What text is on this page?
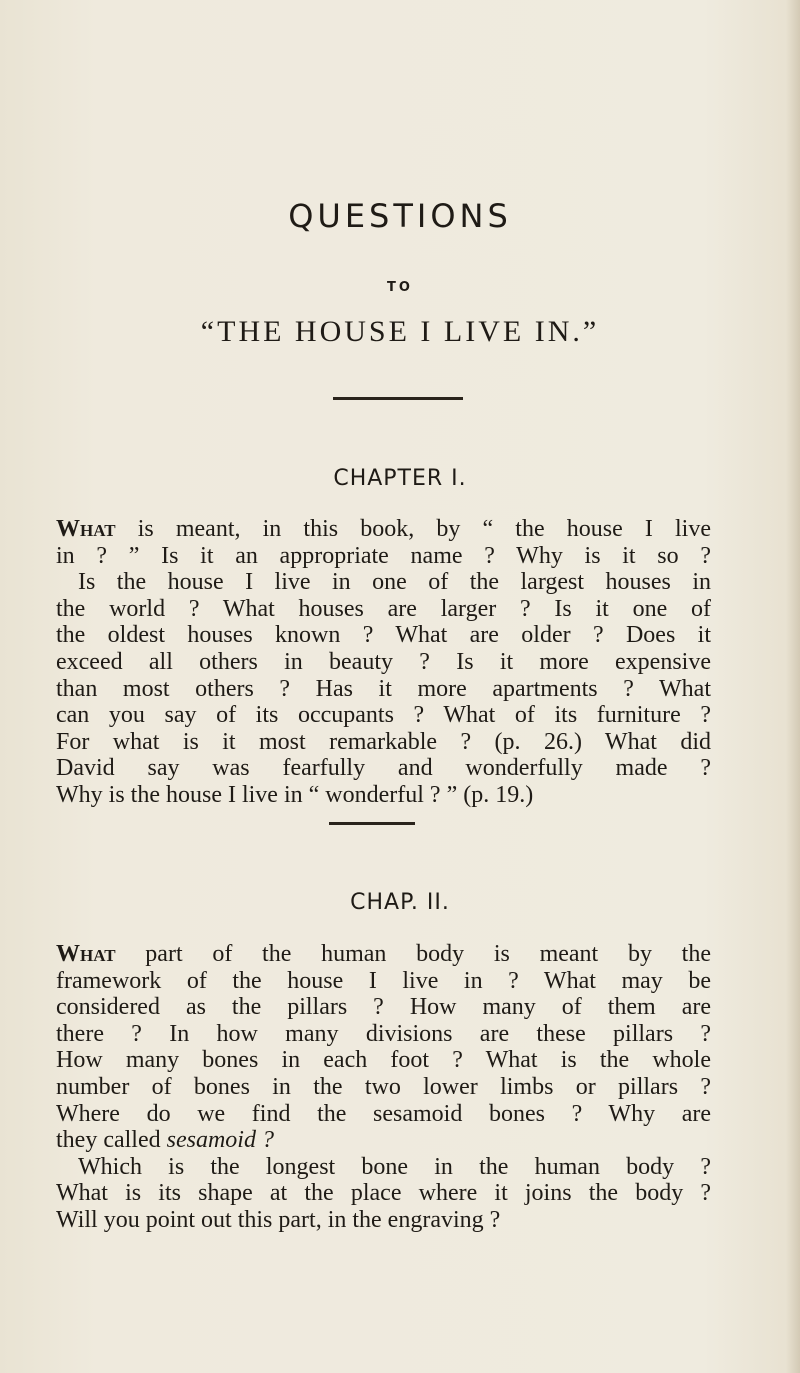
QUESTIONS
TO
“THE HOUSE I LIVE IN.”
CHAPTER I.
What is meant, in this book, by “ the house I live
in ? ” Is it an appropriate name ? Why is it so ?
Is the house I live in one of the largest houses in
the world ? What houses are larger ? Is it one of
the oldest houses known ? What are older ? Does it
exceed all others in beauty ? Is it more expensive
than most others ? Has it more apartments ? What
can you say of its occupants ? What of its furniture ?
For what is it most remarkable ? (p. 26.) What did
David say was fearfully and wonderfully made ?
Why is the house I live in “ wonderful ? ” (p. 19.)
CHAP. II.
What part of the human body is meant by the
framework of the house I live in ? What may be
considered as the pillars ? How many of them are
there ? In how many divisions are these pillars ?
How many bones in each foot ? What is the whole
number of bones in the two lower limbs or pillars ?
Where do we find the sesamoid bones ? Why are
they called sesamoid ?
Which is the longest bone in the human body ?
What is its shape at the place where it joins the body ?
Will you point out this part, in the engraving ?
